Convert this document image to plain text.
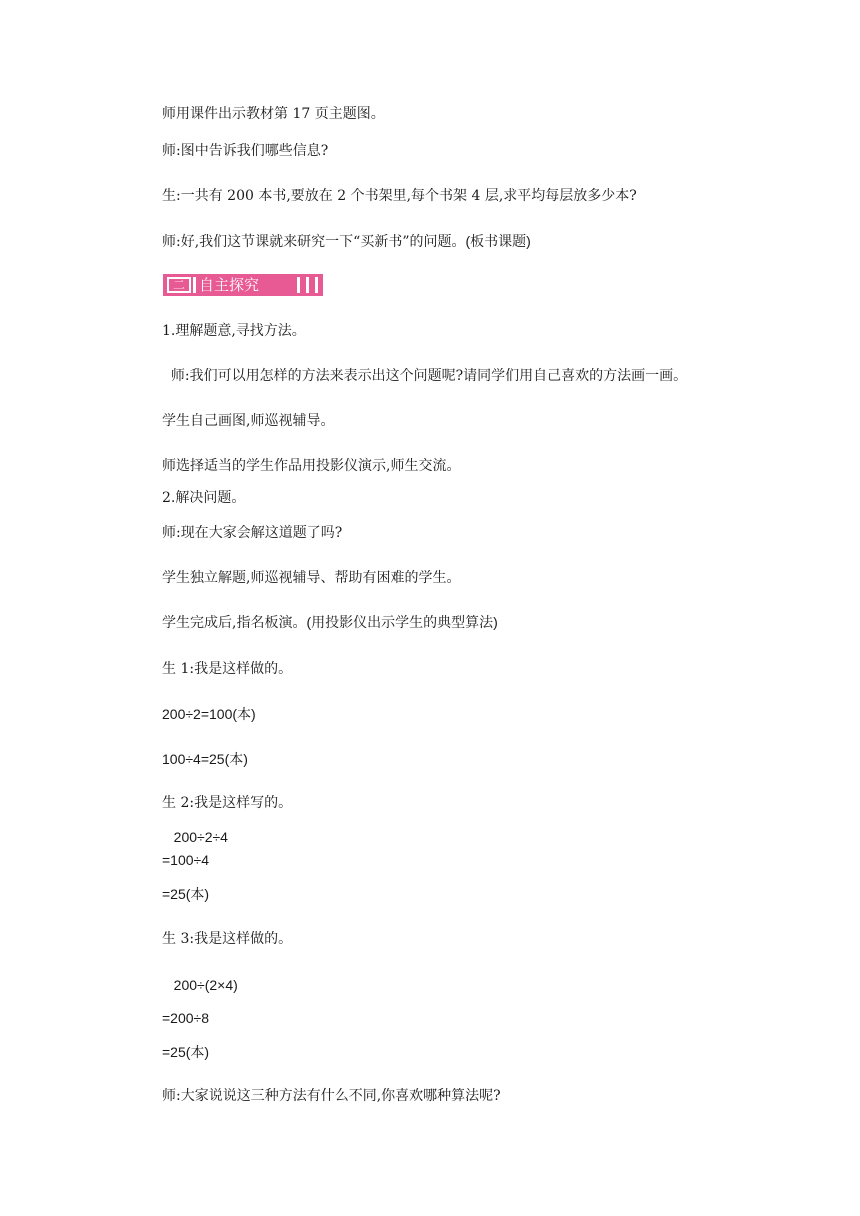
师用课件出示教材第 17 页主题图。
师:图中告诉我们哪些信息?
生:一共有 200 本书,要放在 2 个书架里,每个书架 4 层,求平均每层放多少本?
师:好,我们这节课就来研究一下“买新书”的问题。(板书课题)
二 自主探究
1.理解题意,寻找方法。
师:我们可以用怎样的方法来表示出这个问题呢?请同学们用自己喜欢的方法画一画。
学生自己画图,师巡视辅导。
师选择适当的学生作品用投影仪演示,师生交流。
2.解决问题。
师:现在大家会解这道题了吗?
学生独立解题,师巡视辅导、帮助有困难的学生。
学生完成后,指名板演。(用投影仪出示学生的典型算法)
生 1:我是这样做的。
200÷2=100(本)
100÷4=25(本)
生 2:我是这样写的。
200÷2÷4
=100÷4
=25(本)
生 3:我是这样做的。
200÷(2×4)
=200÷8
=25(本)
师:大家说说这三种方法有什么不同,你喜欢哪种算法呢?
